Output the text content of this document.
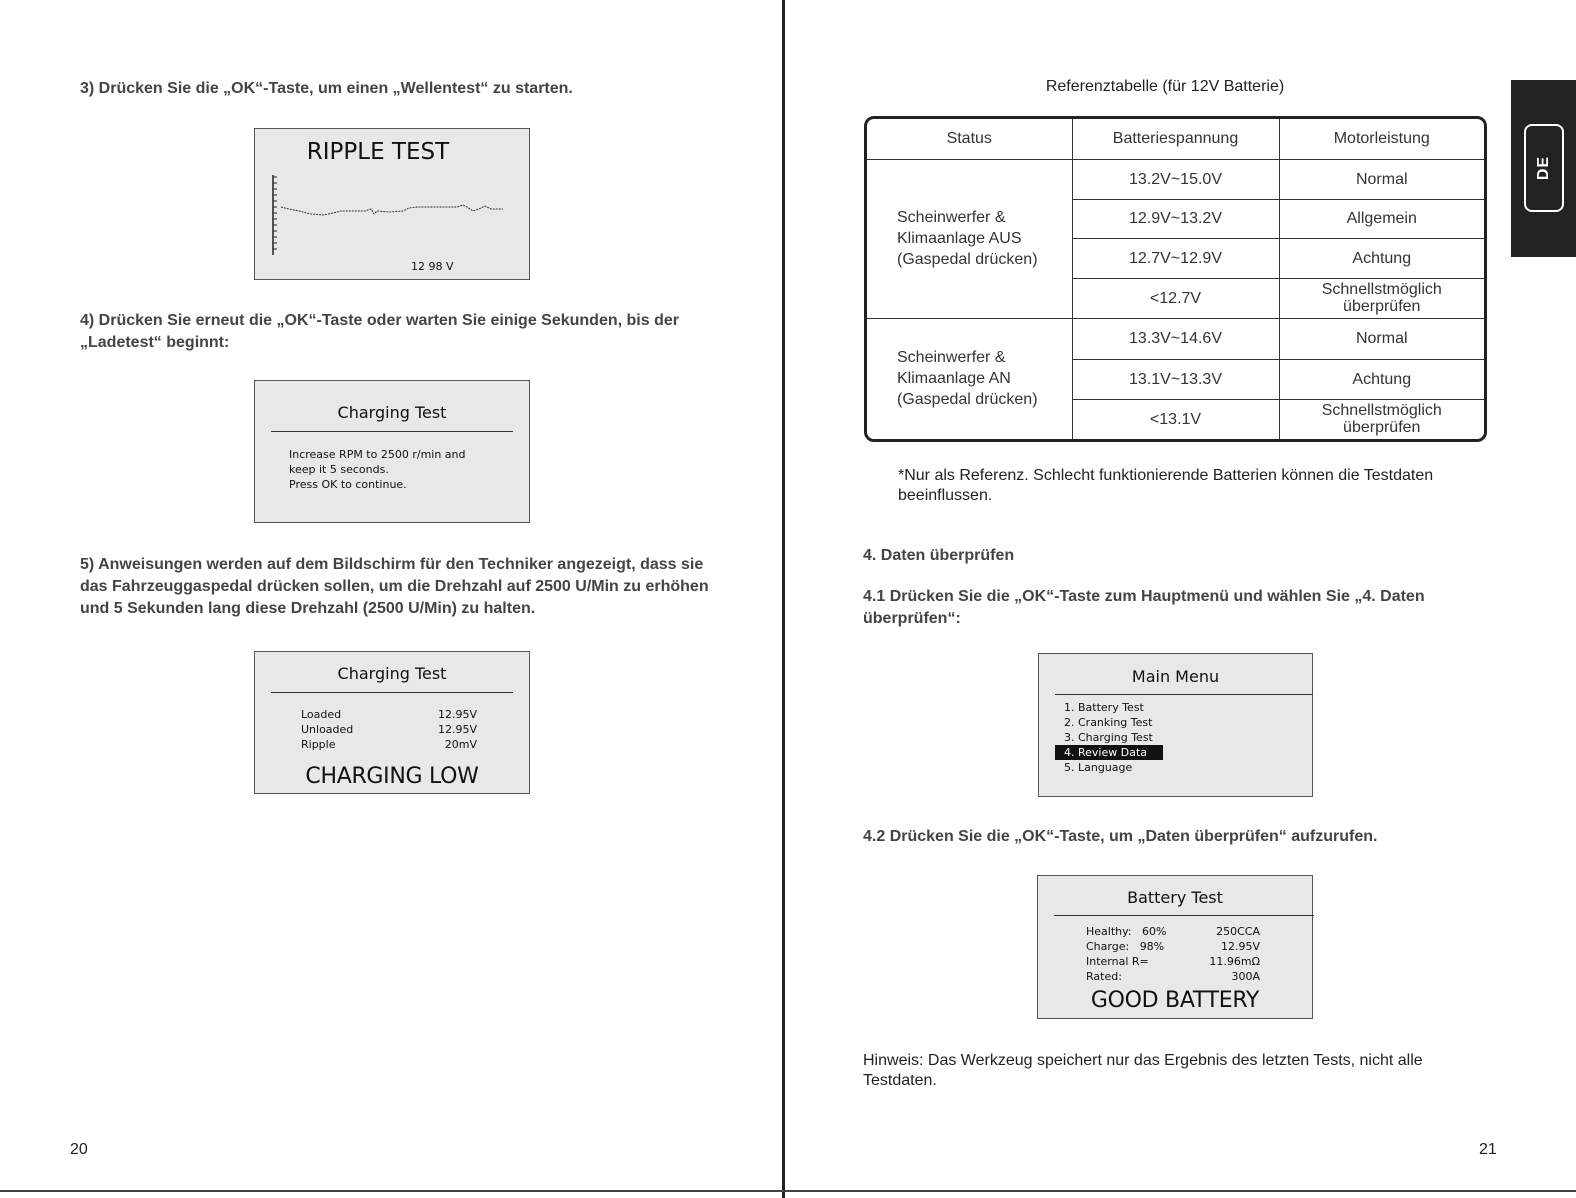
3) Drücken Sie die „OK“-Taste, um einen „Wellentest“ zu starten.
RIPPLE TEST
12 98 V
4) Drücken Sie erneut die „OK“-Taste oder warten Sie einige Sekunden, bis der „Ladetest“ beginnt:
Charging Test
Increase RPM to 2500 r/min and
keep it 5 seconds.
Press OK to continue.
5) Anweisungen werden auf dem Bildschirm für den Techniker angezeigt, dass sie das Fahrzeuggaspedal drücken sollen, um die Drehzahl auf 2500 U/Min zu erhöhen und 5 Sekunden lang diese Drehzahl (2500 U/Min) zu halten.
Charging Test
Loaded	12.95V
Unloaded	12.95V
Ripple	20mV
CHARGING LOW
20
Referenztabelle (für 12V Batterie)
Status	Batteriespannung	Motorleistung
Scheinwerfer & Klimaanlage AUS (Gaspedal drücken)	13.2V~15.0V	Normal
	12.9V~13.2V	Allgemein
	12.7V~12.9V	Achtung
	<12.7V	Schnellstmöglich überprüfen
Scheinwerfer & Klimaanlage AN (Gaspedal drücken)	13.3V~14.6V	Normal
	13.1V~13.3V	Achtung
	<13.1V	Schnellstmöglich überprüfen
*Nur als Referenz. Schlecht funktionierende Batterien können die Testdaten beeinflussen.
4. Daten überprüfen
4.1 Drücken Sie die „OK“-Taste zum Hauptmenü und wählen Sie „4. Daten überprüfen“:
Main Menu
1. Battery Test
2. Cranking Test
3. Charging Test
4. Review Data
5. Language
4.2 Drücken Sie die „OK“-Taste, um „Daten überprüfen“ aufzurufen.
Battery Test
Healthy: 60%	250CCA
Charge: 98%	12.95V
Internal R=	11.96mΩ
Rated:	300A
GOOD BATTERY
Hinweis: Das Werkzeug speichert nur das Ergebnis des letzten Tests, nicht alle Testdaten.
21
DE
